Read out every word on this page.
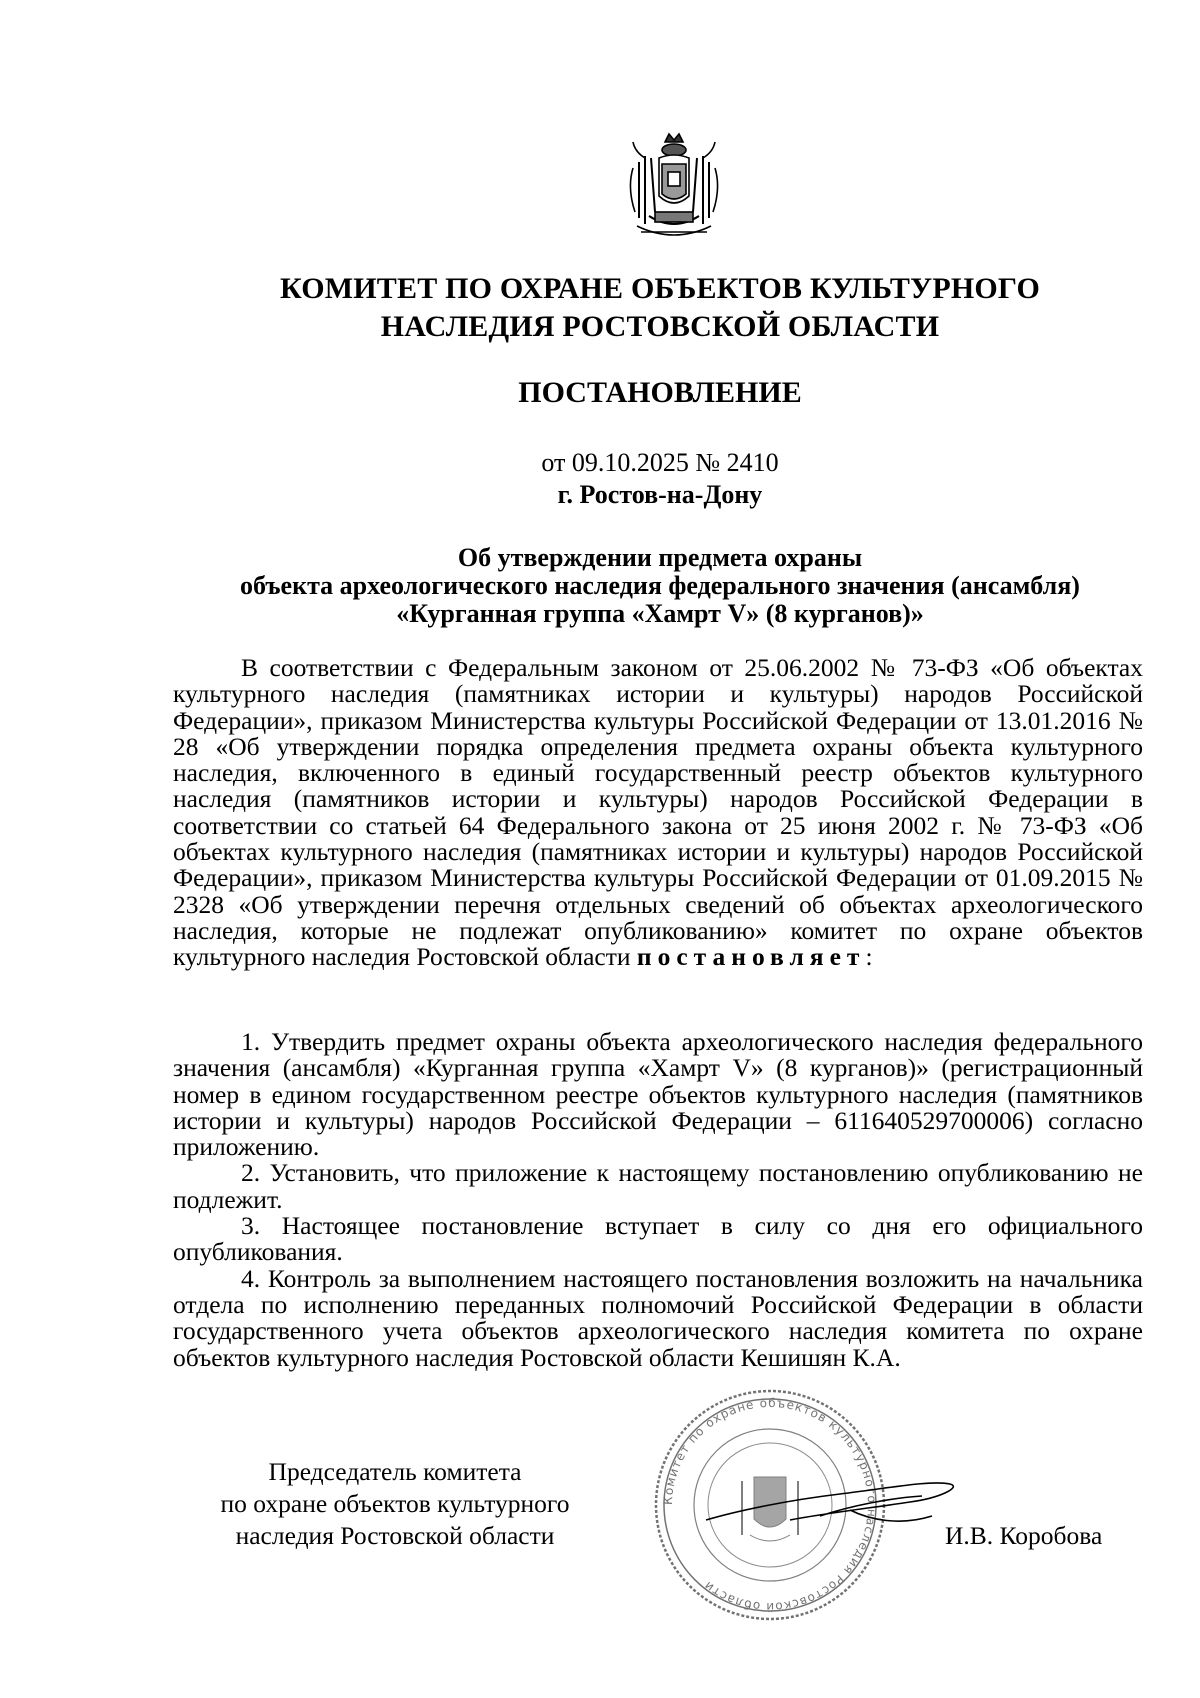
КОМИТЕТ ПО ОХРАНЕ ОБЪЕКТОВ КУЛЬТУРНОГО
НАСЛЕДИЯ РОСТОВСКОЙ ОБЛАСТИ
ПОСТАНОВЛЕНИЕ
от 09.10.2025 № 2410
г. Ростов-на-Дону
Об утверждении предмета охраны
объекта археологического наследия федерального значения (ансамбля)
«Курганная группа «Хамрт V» (8 курганов)»

В соответствии с Федеральным законом от 25.06.2002 № 73-ФЗ «Об объектах культурного наследия (памятниках истории и культуры) народов Российской Федерации», приказом Министерства культуры Российской Федерации от 13.01.2016 № 28 «Об утверждении порядка определения предмета охраны объекта культурного наследия, включенного в единый государственный реестр объектов культурного наследия (памятников истории и культуры) народов Российской Федерации в соответствии со статьей 64 Федерального закона от 25 июня 2002 г. № 73-ФЗ «Об объектах культурного наследия (памятниках истории и культуры) народов Российской Федерации», приказом Министерства культуры Российской Федерации от 01.09.2015 № 2328 «Об утверждении перечня отдельных сведений об объектах археологического наследия, которые не подлежат опубликованию» комитет по охране объектов культурного наследия Ростовской области постановляет:

1. Утвердить предмет охраны объекта археологического наследия федерального значения (ансамбля) «Курганная группа «Хамрт V» (8 курганов)» (регистрационный номер в едином государственном реестре объектов культурного наследия (памятников истории и культуры) народов Российской Федерации – 611640529700006) согласно приложению.

2. Установить, что приложение к настоящему постановлению опубликованию не подлежит.

3. Настоящее постановление вступает в силу со дня его официального опубликования.

4. Контроль за выполнением настоящего постановления возложить на начальника отдела по исполнению переданных полномочий Российской Федерации в области государственного учета объектов археологического наследия комитета по охране объектов культурного наследия Ростовской области Кешишян К.А.

Председатель комитета
по охране объектов культурного
наследия Ростовской области
Комитет по охране объектов культурного наследия Ростовской области
И.В. Коробова
